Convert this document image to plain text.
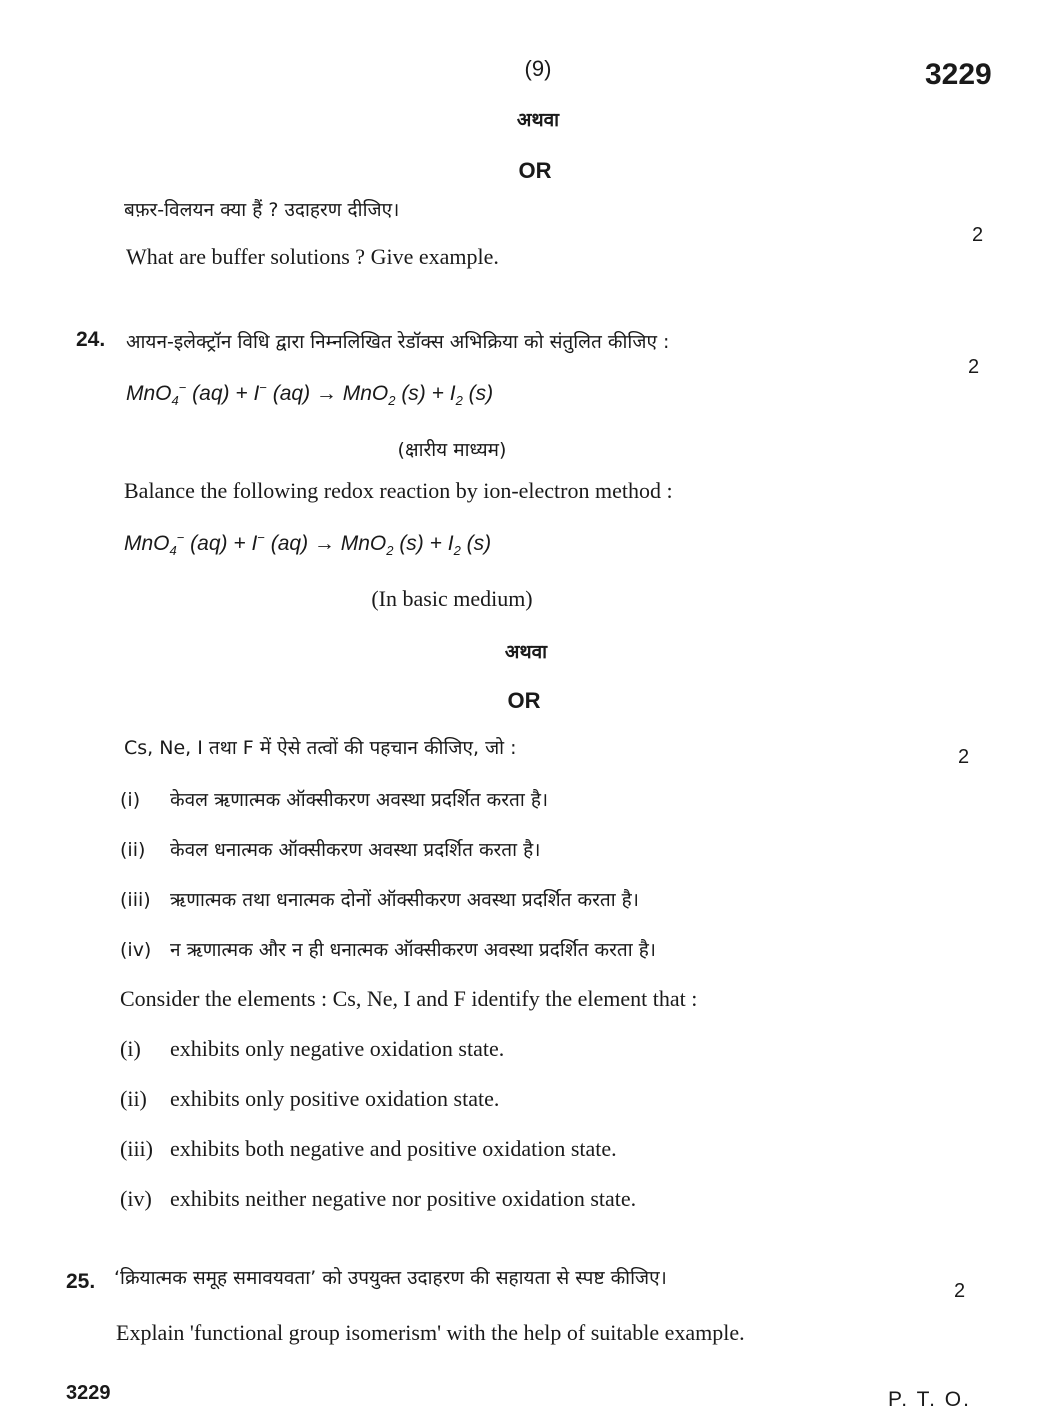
(9)	3229
अथवा
OR
बफ़र-विलयन क्या हैं ? उदाहरण दीजिए।
What are buffer solutions ? Give example.
2
24. आयन-इलेक्ट्रॉन विधि द्वारा निम्नलिखित रेडॉक्स अभिक्रिया को संतुलित कीजिए :
2
MnO$_4$− (aq) + I− (aq) → MnO$_2$ $(s) + I_2$ (s)
(क्षारीय माध्यम)
Balance the following redox reaction by ion-electron method :
MnO$_4$− (aq) + I− (aq) → MnO$_2$ $(s) + I_2$ (s)
(In basic medium)
अथवा
OR
Cs, Ne, I तथा F में ऐसे तत्वों की पहचान कीजिए, जो :	2
(i) केवल ऋणात्मक ऑक्सीकरण अवस्था प्रदर्शित करता है।
(ii) केवल धनात्मक ऑक्सीकरण अवस्था प्रदर्शित करता है।
(iii) ऋणात्मक तथा धनात्मक दोनों ऑक्सीकरण अवस्था प्रदर्शित करता है।
(iv) न ऋणात्मक और न ही धनात्मक ऑक्सीकरण अवस्था प्रदर्शित करता है।
Consider the elements : Cs, Ne, I and F identify the element that :
(i) exhibits only negative oxidation state.
(ii) exhibits only positive oxidation state.
(iii) exhibits both negative and positive oxidation state.
(iv) exhibits neither negative nor positive oxidation state.
25. ‘क्रियात्मक समूह समावयवता’ को उपयुक्त उदाहरण की सहायता से स्पष्ट कीजिए।
2
Explain 'functional group isomerism' with the help of suitable example.
3229	P. T. O.
